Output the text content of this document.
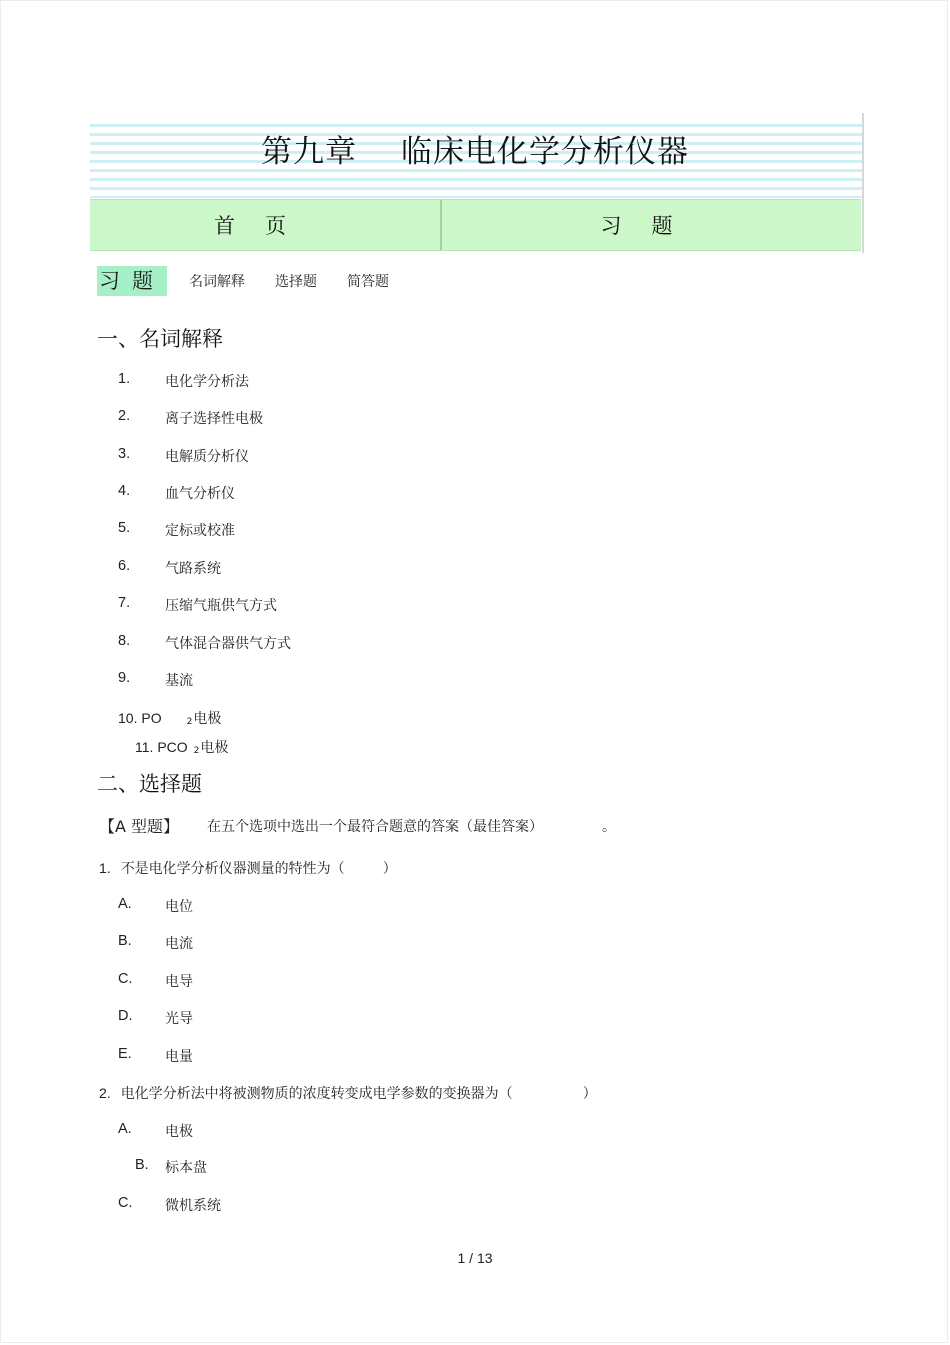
第九章 临床电化学分析仪器
首页	习题
习题 名词解释 选择题 简答题
一、名词解释
1. 电化学分析法
2. 离子选择性电极
3. 电解质分析仪
4. 血气分析仪
5. 定标或校准
6. 气路系统
7. 压缩气瓶供气方式
8. 气体混合器供气方式
9. 基流
10. PO	2电极
11. PCO 2电极
二、选择题
【A 型题】 在五个选项中选出一个最符合题意的答案（最佳答案）	。
1. 不是电化学分析仪器测量的特性为（	）
A. 电位
B. 电流
C. 电导
D. 光导
E. 电量
2. 电化学分析法中将被测物质的浓度转变成电学参数的变换器为（	）
A. 电极
B. 标本盘
C. 微机系统
1 / 13
